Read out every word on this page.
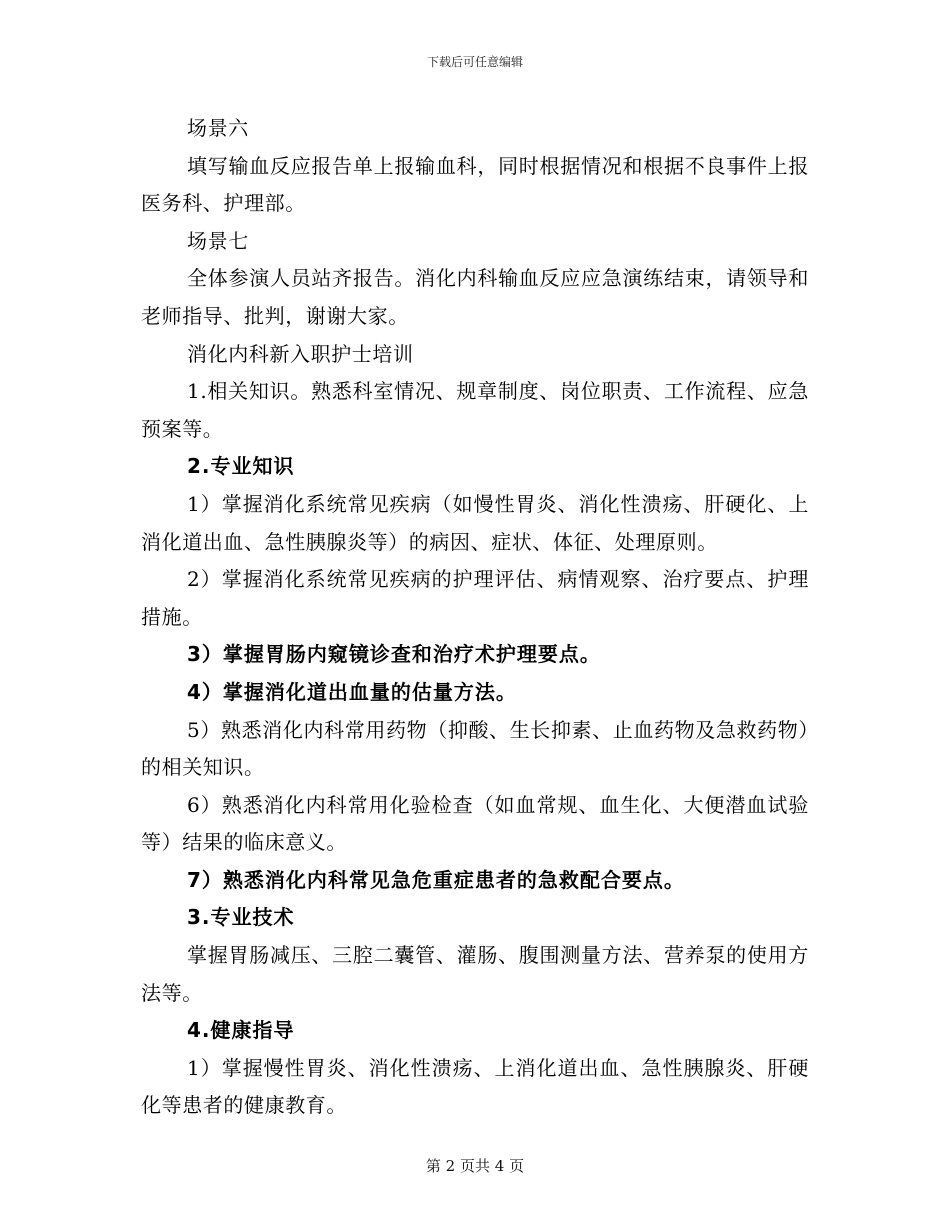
下载后可任意编辑

场景六

填写输血反应报告单上报输血科，同时根据情况和根据不良事件上报医务科、护理部。

场景七

全体参演人员站齐报告。消化内科输血反应应急演练结束，请领导和老师指导、批判，谢谢大家。

消化内科新入职护士培训

1.相关知识。熟悉科室情况、规章制度、岗位职责、工作流程、应急预案等。

2.专业知识

1）掌握消化系统常见疾病（如慢性胃炎、消化性溃疡、肝硬化、上消化道出血、急性胰腺炎等）的病因、症状、体征、处理原则。

2）掌握消化系统常见疾病的护理评估、病情观察、治疗要点、护理措施。

3）掌握胃肠内窥镜诊查和治疗术护理要点。

4）掌握消化道出血量的估量方法。

5）熟悉消化内科常用药物（抑酸、生长抑素、止血药物及急救药物）的相关知识。

6）熟悉消化内科常用化验检查（如血常规、血生化、大便潜血试验等）结果的临床意义。

7）熟悉消化内科常见急危重症患者的急救配合要点。

3.专业技术

掌握胃肠减压、三腔二囊管、灌肠、腹围测量方法、营养泵的使用方法等。

4.健康指导

1）掌握慢性胃炎、消化性溃疡、上消化道出血、急性胰腺炎、肝硬化等患者的健康教育。

第 2 页共 4 页
